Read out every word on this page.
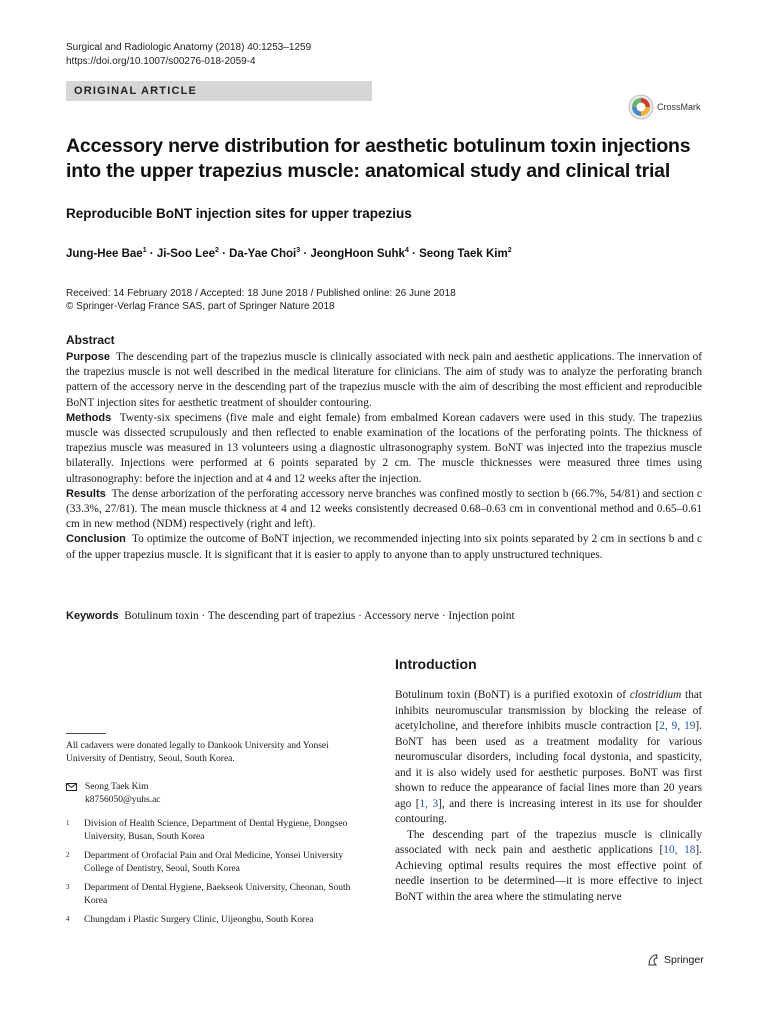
Surgical and Radiologic Anatomy (2018) 40:1253–1259
https://doi.org/10.1007/s00276-018-2059-4
ORIGINAL ARTICLE
CrossMark
Accessory nerve distribution for aesthetic botulinum toxin injections
into the upper trapezius muscle: anatomical study and clinical trial
Reproducible BoNT injection sites for upper trapezius
Jung-Hee Bae$^1$ · Ji-Soo Lee$^2$ · Da-Yae Choi$^3$ · JeongHoon Suhk$^4$ · Seong Taek Kim$^2$
Received: 14 February 2018 / Accepted: 18 June 2018 / Published online: 26 June 2018
© Springer-Verlag France SAS, part of Springer Nature 2018
Abstract

Purpose The descending part of the trapezius muscle is clinically associated with neck pain and aesthetic applications. The innervation of the trapezius muscle is not well described in the medical literature for clinicians. The aim of study was to analyze the perforating branch pattern of the accessory nerve in the descending part of the trapezius muscle with the aim of describing the most efficient and reproducible BoNT injection sites for aesthetic treatment of shoulder contouring.

Methods Twenty-six specimens (five male and eight female) from embalmed Korean cadavers were used in this study. The trapezius muscle was dissected scrupulously and then reflected to enable examination of the locations of the perforating points. The thickness of trapezius muscle was measured in 13 volunteers using a diagnostic ultrasonography system. BoNT was injected into the trapezius muscle bilaterally. Injections were performed at 6 points separated by 2 cm. The muscle thicknesses were measured three times using ultrasonography: before the injection and at 4 and 12 weeks after the injection.

Results The dense arborization of the perforating accessory nerve branches was confined mostly to section b (66.7%, 54/81) and section c (33.3%, 27/81). The mean muscle thickness at 4 and 12 weeks consistently decreased 0.68–0.63 cm in conventional method and 0.65–0.61 cm in new method (NDM) respectively (right and left).

Conclusion To optimize the outcome of BoNT injection, we recommended injecting into six points separated by 2 cm in sections b and c of the upper trapezius muscle. It is significant that it is easier to apply to anyone than to apply unstructured techniques.

Keywords Botulinum toxin · The descending part of trapezius · Accessory nerve · Injection point
Introduction

Botulinum toxin (BoNT) is a purified exotoxin of clostridium that inhibits neuromuscular transmission by blocking the release of acetylcholine, and therefore inhibits muscle contraction [2, 9, 19]. BoNT has been used as a treatment modality for various neuromuscular disorders, including focal dystonia, and spasticity, and it is also widely used for aesthetic purposes. BoNT was first shown to reduce the appearance of facial lines more than 20 years ago [1, 3], and there is increasing interest in its use for shoulder contouring.

The descending part of the trapezius muscle is clinically associated with neck pain and aesthetic applications [10, 18]. Achieving optimal results requires the most effective point of needle insertion to be determined—it is more effective to inject BoNT within the area where the stimulating nerve

All cadavers were donated legally to Dankook University and Yonsei University of Dentistry, Seoul, South Korea.
Seong Taek Kim
k8756050@yuhs.ac
1	Division of Health Science, Department of Dental Hygiene, Dongseo University, Busan, South Korea
2	Department of Orofacial Pain and Oral Medicine, Yonsei University College of Dentistry, Seoul, South Korea
3	Department of Dental Hygiene, Baekseok University, Cheonan, South Korea
4	Chungdam i Plastic Surgery Clinic, Uijeongbu, South Korea
Springer
